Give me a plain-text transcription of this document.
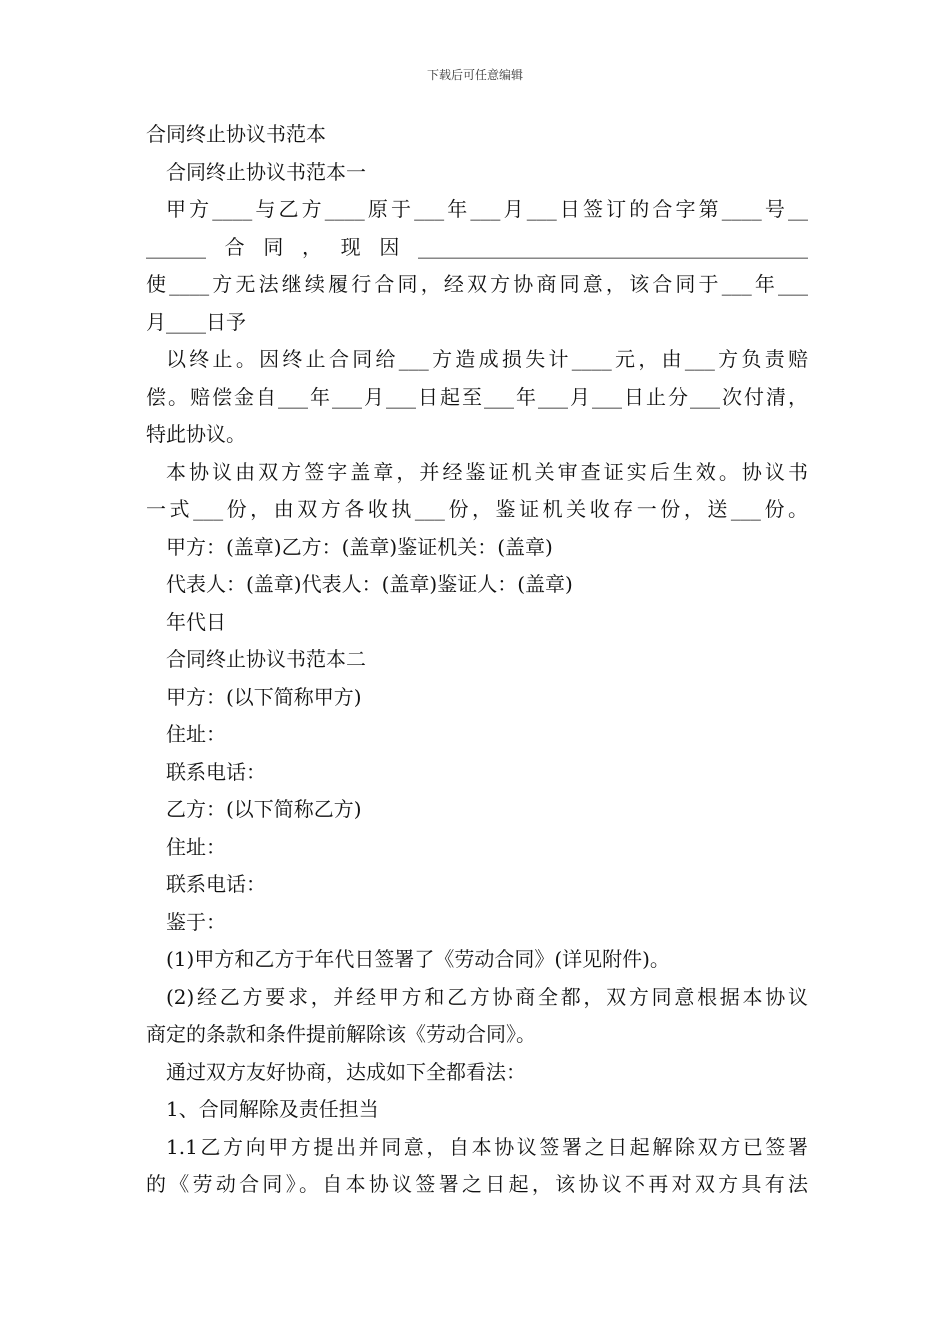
下载后可任意编辑
合同终止协议书范本
合同终止协议书范本一
甲方____与乙方____原于___年___月___日签订的合字第____号__
______合同，现因_______________________________________
使____方无法继续履行合同，经双方协商同意，该合同于___年___
月____日予
以终止。因终止合同给___方造成损失计____元，由___方负责赔
偿。赔偿金自___年___月___日起至___年___月___日止分___次付清，
特此协议。
本协议由双方签字盖章，并经鉴证机关审查证实后生效。协议书
一式___份，由双方各收执___份，鉴证机关收存一份，送___份。
甲方：(盖章)乙方：(盖章)鉴证机关：(盖章)
代表人：(盖章)代表人：(盖章)鉴证人：(盖章)
年代日
合同终止协议书范本二
甲方：(以下简称甲方)
住址：
联系电话：
乙方：(以下简称乙方)
住址：
联系电话：
鉴于：
(1)甲方和乙方于年代日签署了《劳动合同》(详见附件)。
(2)经乙方要求，并经甲方和乙方协商全都，双方同意根据本协议
商定的条款和条件提前解除该《劳动合同》。
通过双方友好协商，达成如下全都看法：
1、合同解除及责任担当
1.1乙方向甲方提出并同意，自本协议签署之日起解除双方已签署
的《劳动合同》。自本协议签署之日起，该协议不再对双方具有法
